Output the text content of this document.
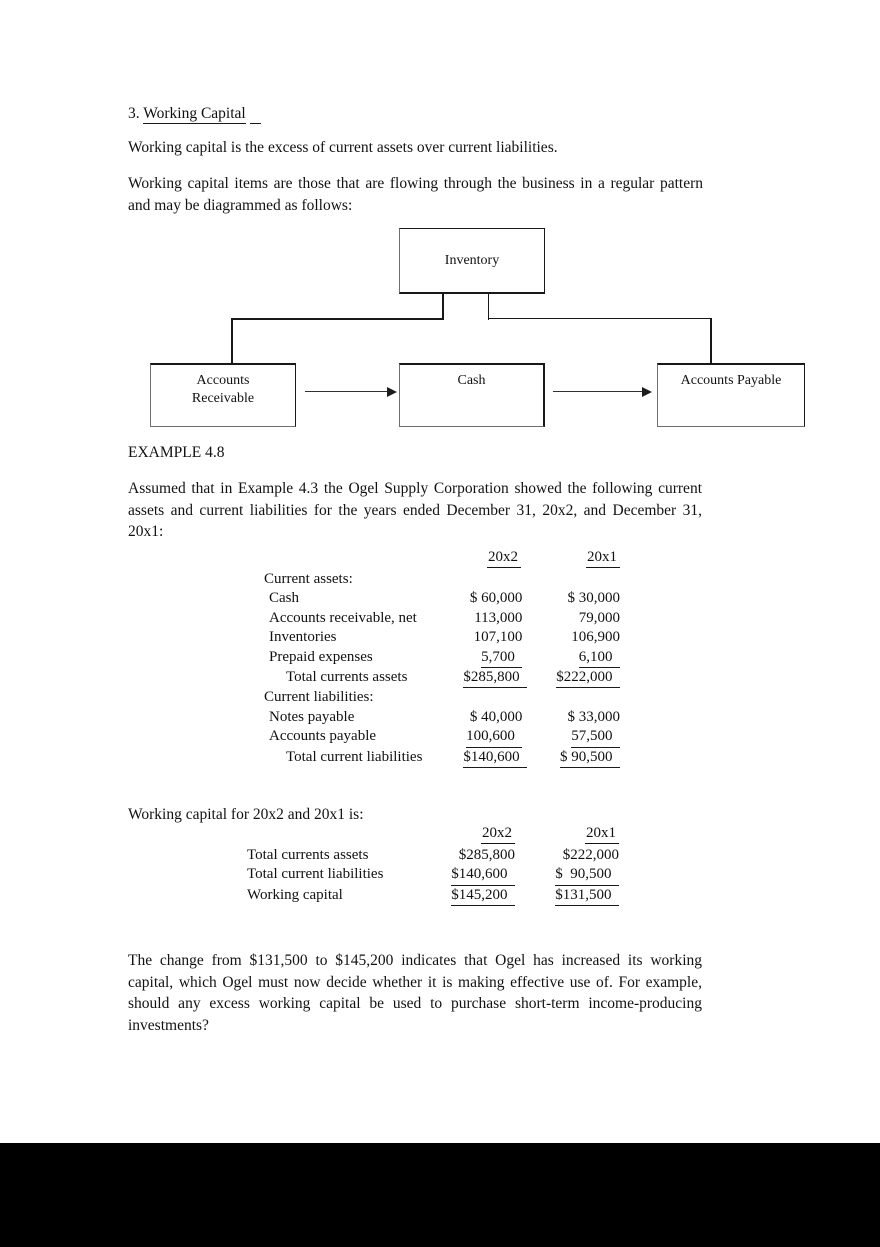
3. Working Capital
Working capital is the excess of current assets over current liabilities.
Working capital items are those that are flowing through the business in a regular pattern and may be diagrammed as follows:
Inventory
Accounts
Receivable
Cash	Accounts Payable
EXAMPLE 4.8
Assumed that in Example 4.3 the Ogel Supply Corporation showed the following current assets and current liabilities for the years ended December 31, 20x2, and December 31, 20x1:
20x2	20x1
Current assets:
Cash	$ 60,000	$ 30,000
Accounts receivable, net	113,000	79,000
Inventories	107,100	106,900
Prepaid expenses	5,700	6,100
Total currents assets	$285,800	$222,000
Current liabilities:
Notes payable	$ 40,000	$ 33,000
Accounts payable	100,600	57,500
Total current liabilities	$140,600	$ 90,500
Working capital for 20x2 and 20x1 is:
20x2	20x1
Total currents assets	$285,800	$222,000
Total current liabilities	$140,600	$  90,500
Working capital	$145,200	$131,500
The change from $131,500 to $145,200 indicates that Ogel has increased its working capital, which Ogel must now decide whether it is making effective use of. For example, should any excess working capital be used to purchase short-term income-producing investments?
